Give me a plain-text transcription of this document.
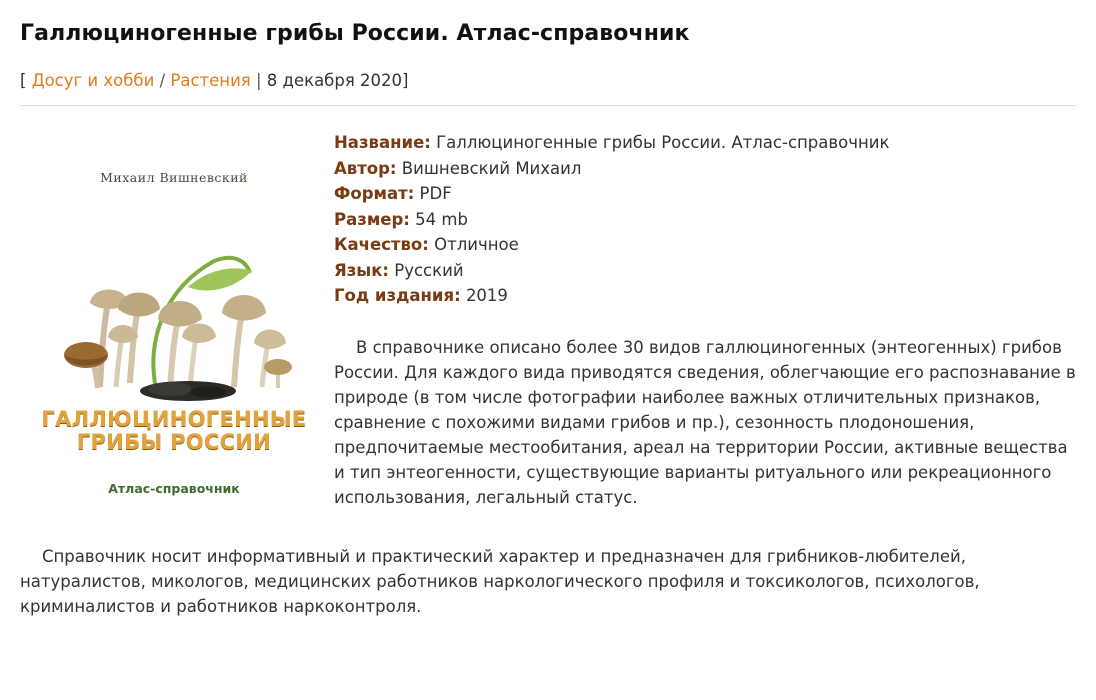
Галлюциногенные грибы России. Атлас-справочник
[ Досуг и хобби / Растения | 8 декабря 2020]
Михаил Вишневский
ГАЛЛЮЦИНОГЕННЫЕ
ГРИБЫ РОССИИ
Атлас-справочник
Название: Галлюциногенные грибы России. Атлас-справочник
Автор: Вишневский Михаил
Формат: PDF
Размер: 54 mb
Качество: Отличное
Язык: Русский
Год издания: 2019

В справочнике описано более 30 видов галлюциногенных (энтеогенных) грибов России. Для каждого вида приводятся сведения, облегчающие его распознавание в природе (в том числе фотографии наиболее важных отличительных признаков, сравнение с похожими видами грибов и пр.), сезонность плодоношения, предпочитаемые местообитания, ареал на территории России, активные вещества и тип энтеогенности, существующие варианты ритуального или рекреационного использования, легальный статус.

Справочник носит информативный и практический характер и предназначен для грибников-любителей, натуралистов, микологов, медицинских работников наркологического профиля и токсикологов, психологов, криминалистов и работников наркоконтроля.
